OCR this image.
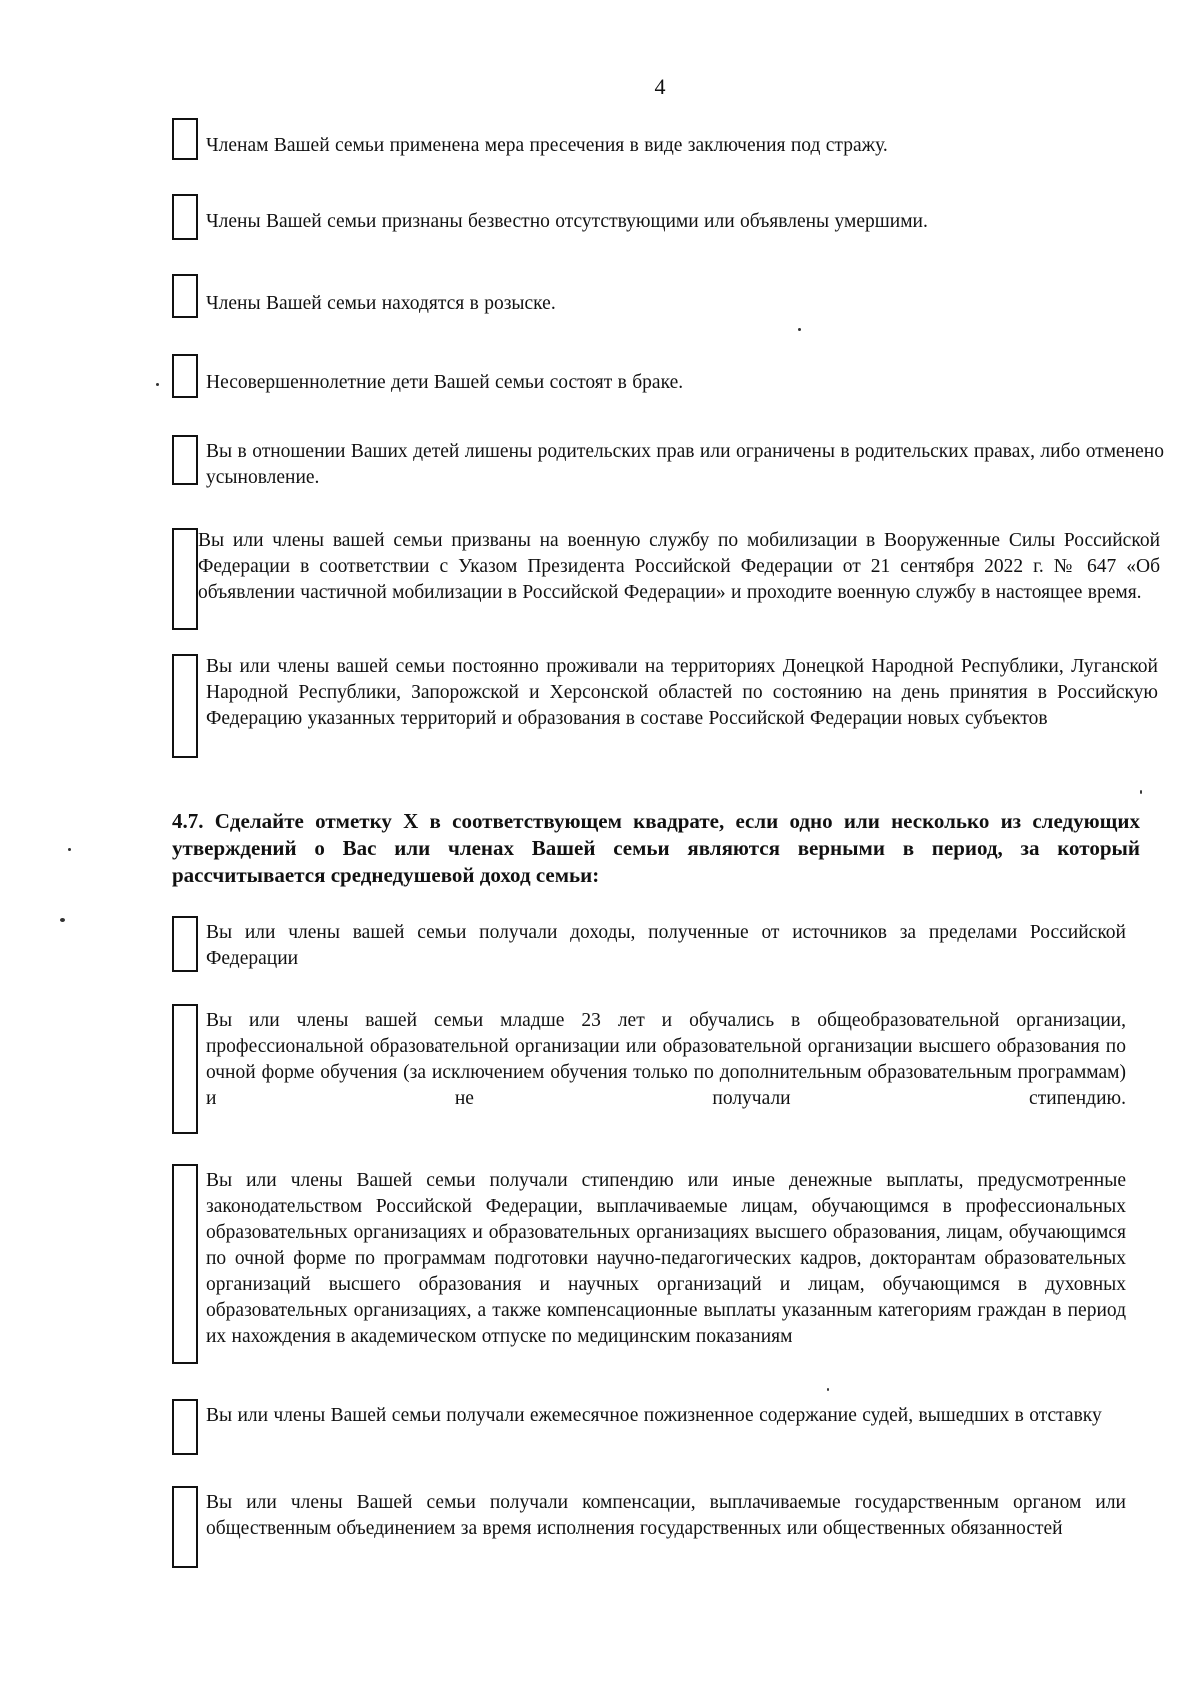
4
Членам Вашей семьи применена мера пресечения в виде заключения под стражу.
Члены Вашей семьи признаны безвестно отсутствующими или объявлены умершими.
Члены Вашей семьи находятся в розыске.
Несовершеннолетние дети Вашей семьи состоят в браке.
Вы в отношении Ваших детей лишены родительских прав или ограничены в родительских правах, либо отменено усыновление.
Вы или члены вашей семьи призваны на военную службу по мобилизации в Вооруженные Силы Российской Федерации в соответствии с Указом Президента Российской Федерации от 21 сентября 2022 г. № 647 «Об объявлении частичной мобилизации в Российской Федерации» и проходите военную службу в настоящее время.
Вы или члены вашей семьи постоянно проживали на территориях Донецкой Народной Республики, Луганской Народной Республики, Запорожской и Херсонской областей по состоянию на день принятия в Российскую Федерацию указанных территорий и образования в составе Российской Федерации новых субъектов
4.7. Сделайте отметку X в соответствующем квадрате, если одно или несколько из следующих утверждений о Вас или членах Вашей семьи являются верными в период, за который рассчитывается среднедушевой доход семьи:
Вы или члены вашей семьи получали доходы, полученные от источников за пределами Российской Федерации
Вы или члены вашей семьи младше 23 лет и обучались в общеобразовательной организации, профессиональной образовательной организации или образовательной организации высшего образования по очной форме обучения (за исключением обучения только по дополнительным образовательным программам) и не получали стипендию.
Вы или члены Вашей семьи получали стипендию или иные денежные выплаты, предусмотренные законодательством Российской Федерации, выплачиваемые лицам, обучающимся в профессиональных образовательных организациях и образовательных организациях высшего образования, лицам, обучающимся по очной форме по программам подготовки научно-педагогических кадров, докторантам образовательных организаций высшего образования и научных организаций и лицам, обучающимся в духовных образовательных организациях, а также компенсационные выплаты указанным категориям граждан в период их нахождения в академическом отпуске по медицинским показаниям
Вы или члены Вашей семьи получали ежемесячное пожизненное содержание судей, вышедших в отставку
Вы или члены Вашей семьи получали компенсации, выплачиваемые государственным органом или общественным объединением за время исполнения государственных или общественных обязанностей
